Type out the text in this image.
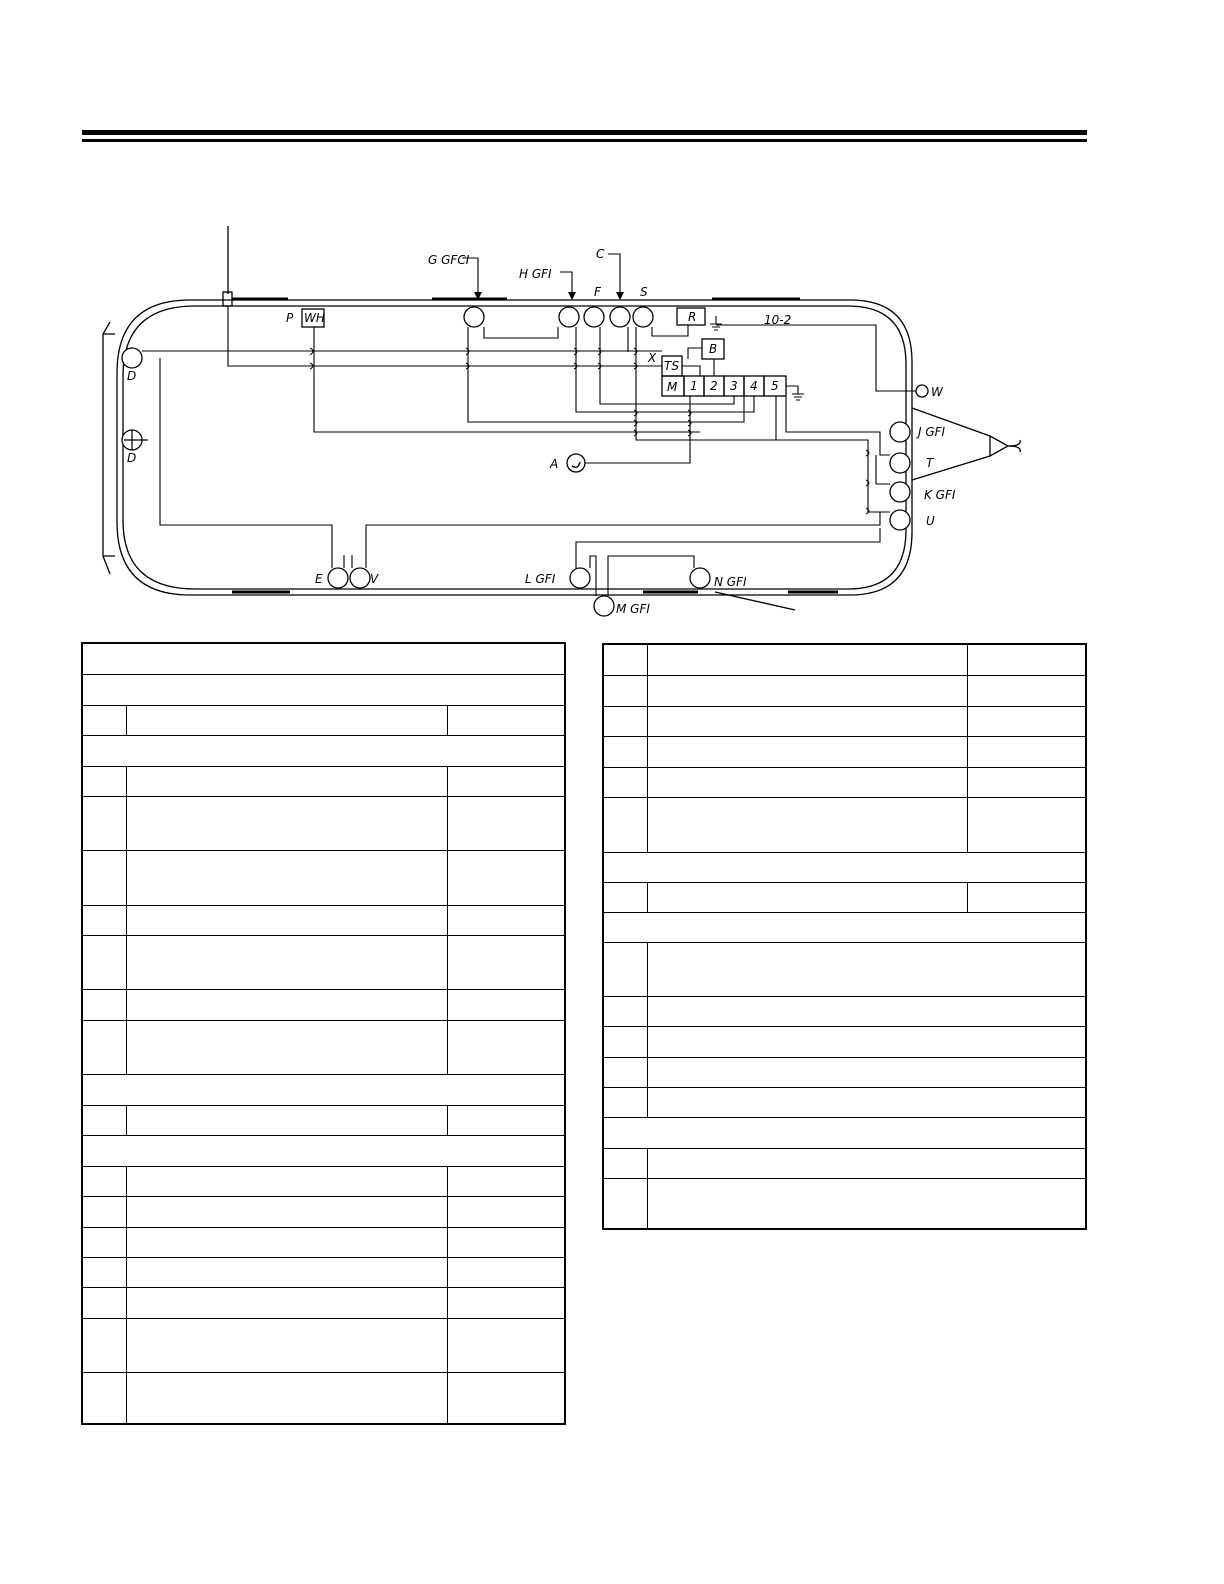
G GFCI
H GFI
C
F	S
P WH	R
B
X
TS
M 1 2 3 4 5
10-2
W
J GFI
T
K GFI
U
A
D
D
E	V	L GFI	N GFI
M GFI
